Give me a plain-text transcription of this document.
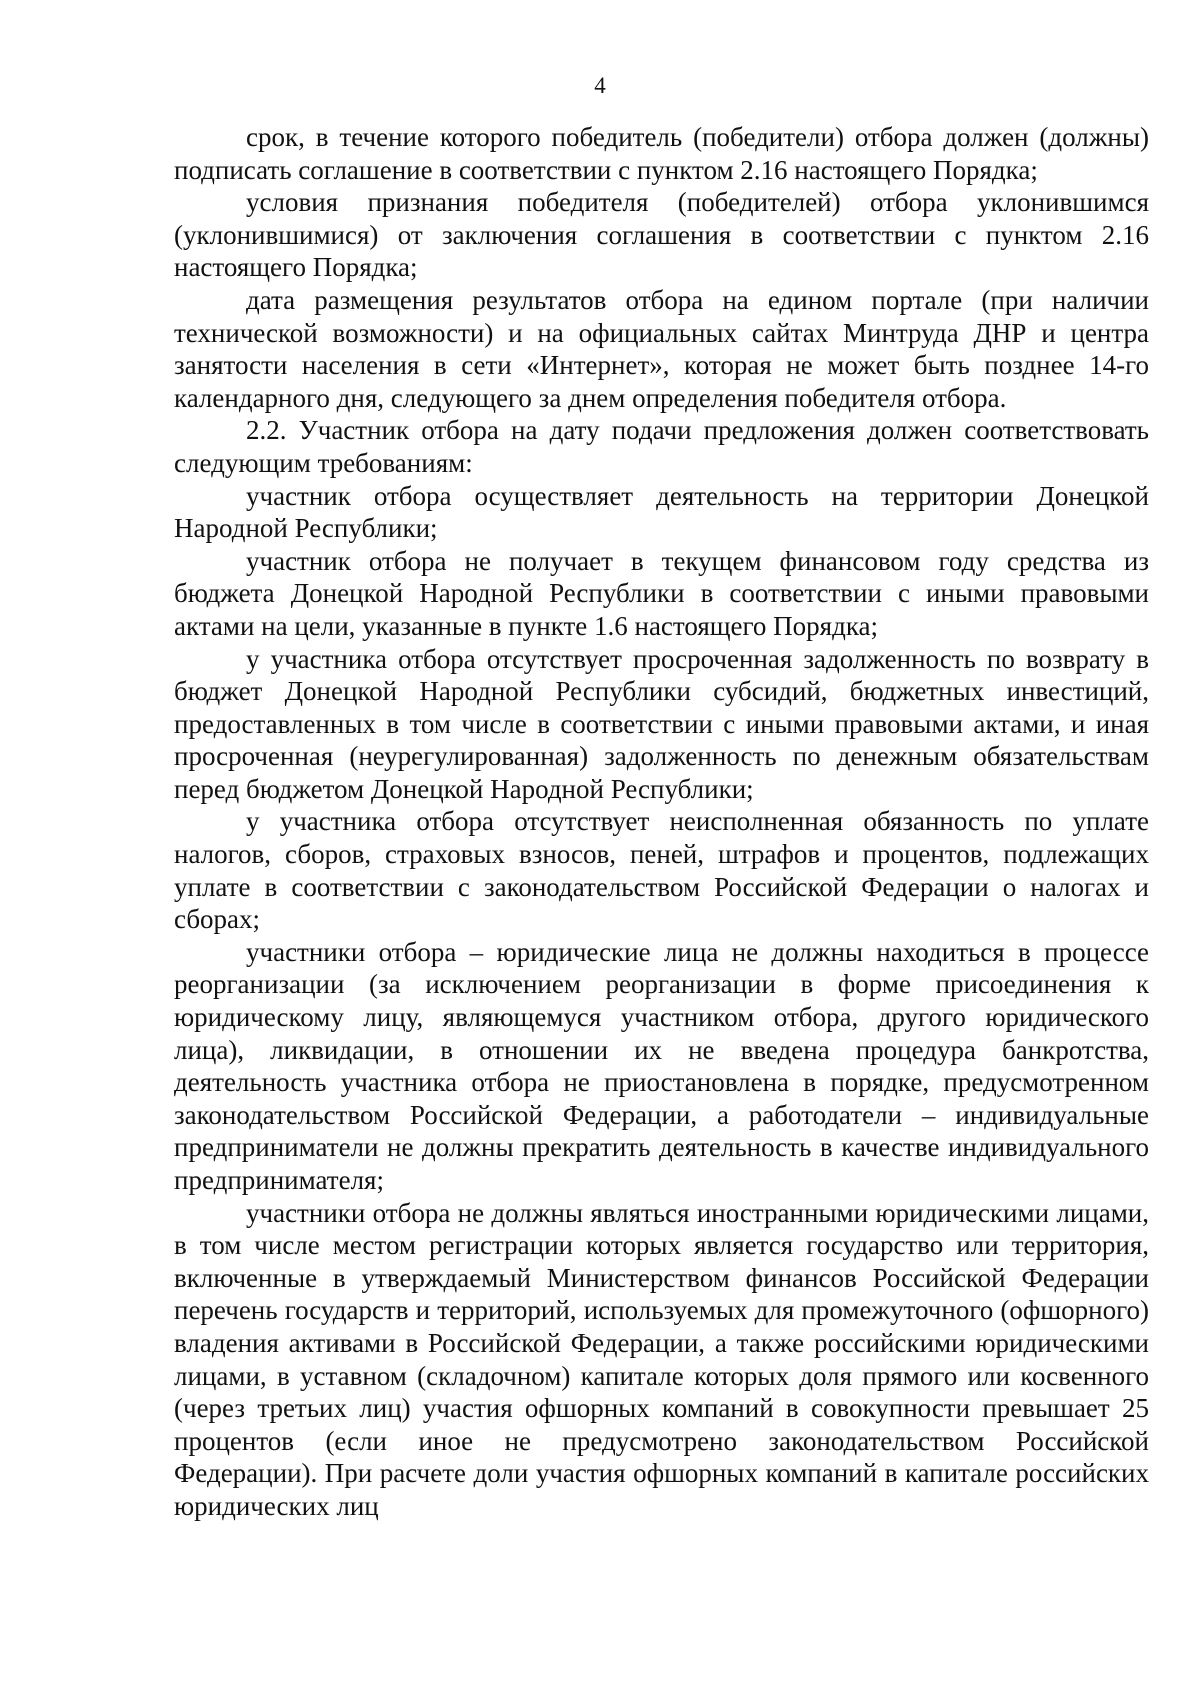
4

срок, в течение которого победитель (победители) отбора должен (должны) подписать соглашение в соответствии с пунктом 2.16 настоящего Порядка;

условия признания победителя (победителей) отбора уклонившимся (уклонившимися) от заключения соглашения в соответствии с пунктом 2.16 настоящего Порядка;

дата размещения результатов отбора на едином портале (при наличии технической возможности) и на официальных сайтах Минтруда ДНР и центра занятости населения в сети «Интернет», которая не может быть позднее 14-го календарного дня, следующего за днем определения победителя отбора.

2.2. Участник отбора на дату подачи предложения должен соответствовать следующим требованиям:

участник отбора осуществляет деятельность на территории Донецкой Народной Республики;

участник отбора не получает в текущем финансовом году средства из бюджета Донецкой Народной Республики в соответствии с иными правовыми актами на цели, указанные в пункте 1.6 настоящего Порядка;

у участника отбора отсутствует просроченная задолженность по возврату в бюджет Донецкой Народной Республики субсидий, бюджетных инвестиций, предоставленных в том числе в соответствии с иными правовыми актами, и иная просроченная (неурегулированная) задолженность по денежным обязательствам перед бюджетом Донецкой Народной Республики;

у участника отбора отсутствует неисполненная обязанность по уплате налогов, сборов, страховых взносов, пеней, штрафов и процентов, подлежащих уплате в соответствии с законодательством Российской Федерации о налогах и сборах;

участники отбора – юридические лица не должны находиться в процессе реорганизации (за исключением реорганизации в форме присоединения к юридическому лицу, являющемуся участником отбора, другого юридического лица), ликвидации, в отношении их не введена процедура банкротства, деятельность участника отбора не приостановлена в порядке, предусмотренном законодательством Российской Федерации, а работодатели – индивидуальные предприниматели не должны прекратить деятельность в качестве индивидуального предпринимателя;

участники отбора не должны являться иностранными юридическими лицами, в том числе местом регистрации которых является государство или территория, включенные в утверждаемый Министерством финансов Российской Федерации перечень государств и территорий, используемых для промежуточного (офшорного) владения активами в Российской Федерации, а также российскими юридическими лицами, в уставном (складочном) капитале которых доля прямого или косвенного (через третьих лиц) участия офшорных компаний в совокупности превышает 25 процентов (если иное не предусмотрено законодательством Российской Федерации). При расчете доли участия офшорных компаний в капитале российских юридических лиц
